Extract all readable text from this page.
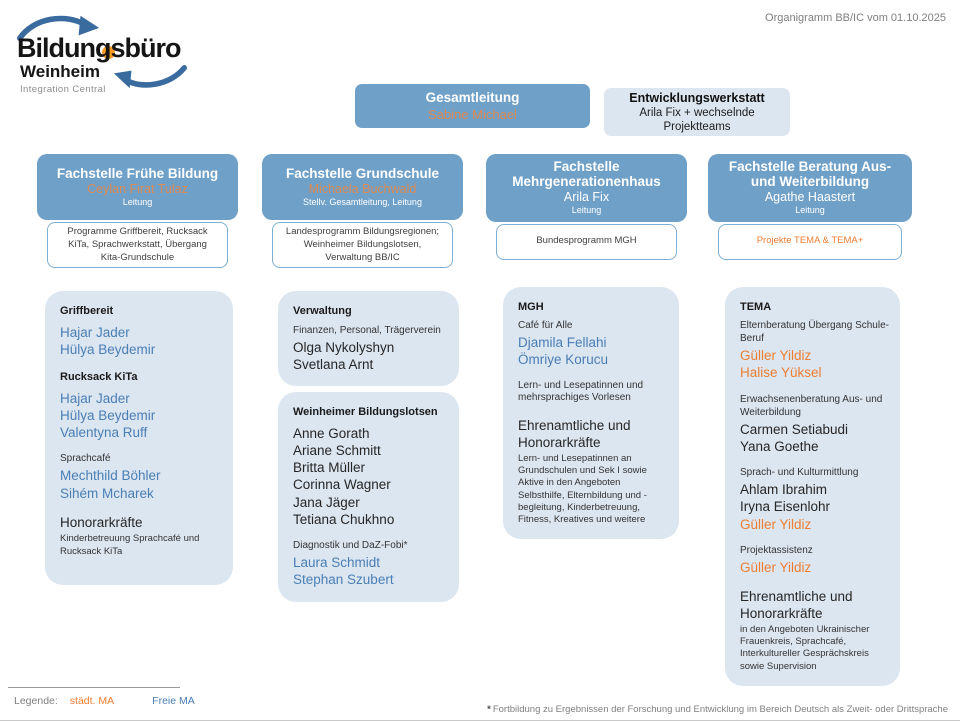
Bildungsbüro
Weinheim
Integration Central
Organigramm BB/IC vom 01.10.2025
Gesamtleitung
Sabine Michael
Entwicklungswerkstatt
Arila Fix + wechselnde Projektteams
Fachstelle Frühe Bildung
Ceylan Firat Tulaz
Leitung
Programme Griffbereit, Rucksack KiTa, Sprachwerkstatt, Übergang Kita-Grundschule
Griffbereit
Hajar Jader
Hülya Beydemir
Rucksack KiTa
Hajar Jader
Hülya Beydemir
Valentyna Ruff
Sprachcafé
Mechthild Böhler
Sihém Mcharek
Honorarkräfte
Kinderbetreuung Sprachcafé und Rucksack KiTa
Fachstelle Grundschule
Michaela Buchwald
Stellv. Gesamtleitung, Leitung
Landesprogramm Bildungsregionen; Weinheimer Bildungslotsen, Verwaltung BB/IC
Verwaltung
Finanzen, Personal, Trägerverein
Olga Nykolyshyn
Svetlana Arnt
Weinheimer Bildungslotsen
Anne Gorath
Ariane Schmitt
Britta Müller
Corinna Wagner
Jana Jäger
Tetiana Chukhno
Diagnostik und DaZ-Fobi*
Laura Schmidt
Stephan Szubert
Fachstelle Mehrgenerationenhaus
Arila Fix
Leitung
Bundesprogramm MGH
MGH
Café für Alle
Djamila Fellahi
Ömriye Korucu
Lern- und Lesepatinnen und mehrsprachiges Vorlesen
Ehrenamtliche und Honorarkräfte
Lern- und Lesepatinnen an Grundschulen und Sek I sowie Aktive in den Angeboten Selbsthilfe, Elternbildung und -begleitung, Kinderbetreuung, Fitness, Kreatives und weitere
Fachstelle Beratung Aus- und Weiterbildung
Agathe Haastert
Leitung
Projekte TEMA & TEMA+
TEMA
Elternberatung Übergang Schule-Beruf
Güller Yildiz
Halise Yüksel
Erwachsenenberatung Aus- und Weiterbildung
Carmen Setiabudi
Yana Goethe
Sprach- und Kulturmittlung
Ahlam Ibrahim
Iryna Eisenlohr
Güller Yildiz
Projektassistenz
Güller Yildiz
Ehrenamtliche und Honorarkräfte
in den Angeboten Ukrainischer Frauenkreis, Sprachcafé, Interkultureller Gesprächskreis sowie Supervision
Legende: städt. MA	Freie MA
* Fortbildung zu Ergebnissen der Forschung und Entwicklung im Bereich Deutsch als Zweit- oder Drittsprache
